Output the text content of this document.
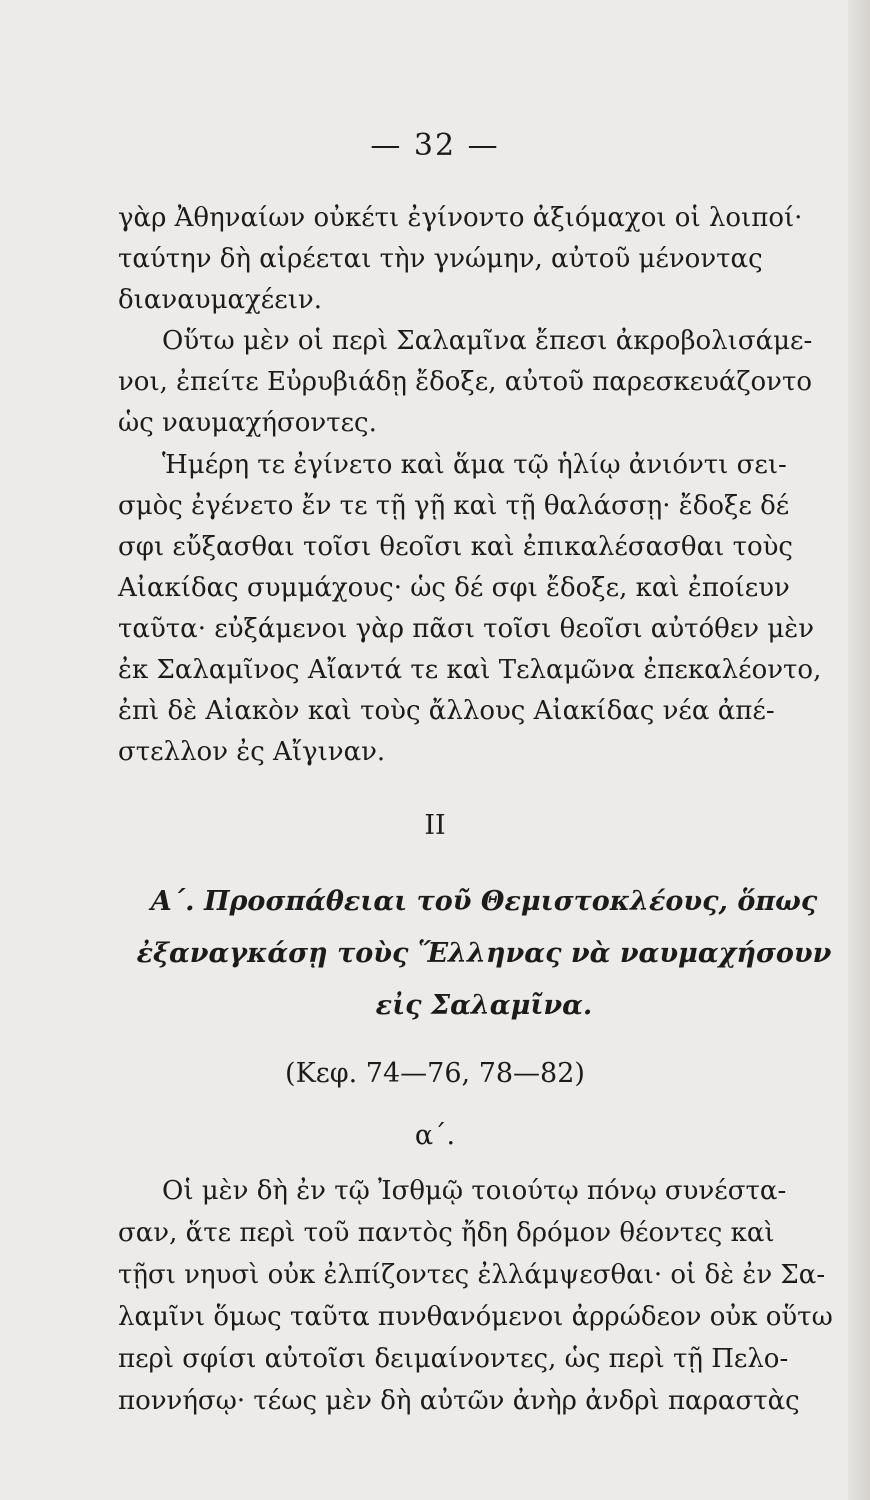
— 32 —

γὰρ Ἀθηναίων οὐκέτι ἐγίνοντο ἀξιόμαχοι οἱ λοιποί·
ταύτην δὴ αἱρέεται τὴν γνώμην, αὐτοῦ μένοντας
διαναυμαχέειν.

Οὕτω μὲν οἱ περὶ Σαλαμῖνα ἔπεσι ἀκροβολισάμε-
νοι, ἐπείτε Εὐρυβιάδῃ ἔδοξε, αὐτοῦ παρεσκευάζοντο
ὡς ναυμαχήσοντες.

Ἡμέρη τε ἐγίνετο καὶ ἅμα τῷ ἡλίῳ ἀνιόντι σει-
σμὸς ἐγένετο ἔν τε τῇ γῇ καὶ τῇ θαλάσσῃ· ἔδοξε δέ
σφι εὔξασθαι τοῖσι θεοῖσι καὶ ἐπικαλέσασθαι τοὺς
Αἰακίδας συμμάχους· ὡς δέ σφι ἔδοξε, καὶ ἐποίευν
ταῦτα· εὐξάμενοι γὰρ πᾶσι τοῖσι θεοῖσι αὐτόθεν μὲν
ἐκ Σαλαμῖνος Αἴαντά τε καὶ Τελαμῶνα ἐπεκαλέοντο,
ἐπὶ δὲ Αἰακὸν καὶ τοὺς ἄλλους Αἰακίδας νέα ἀπέ-
στελλον ἐς Αἴγιναν.

II
Α΄. Προσπάθειαι τοῦ Θεμιστοκλέους, ὅπως
ἐξαναγκάσῃ τοὺς Ἕλληνας νὰ ναυμαχήσουν
εἰς Σαλαμῖνα.
(Κεφ. 74—76, 78—82)
α΄.

Οἱ μὲν δὴ ἐν τῷ Ἰσθμῷ τοιούτῳ πόνῳ συνέστα-
σαν, ἅτε περὶ τοῦ παντὸς ἤδη δρόμον θέοντες καὶ
τῇσι νηυσὶ οὐκ ἐλπίζοντες ἐλλάμψεσθαι· οἱ δὲ ἐν Σα-
λαμῖνι ὅμως ταῦτα πυνθανόμενοι ἀρρώδεον οὐκ οὕτω
περὶ σφίσι αὐτοῖσι δειμαίνοντες, ὡς περὶ τῇ Πελο-
ποννήσῳ· τέως μὲν δὴ αὐτῶν ἀνὴρ ἀνδρὶ παραστὰς
